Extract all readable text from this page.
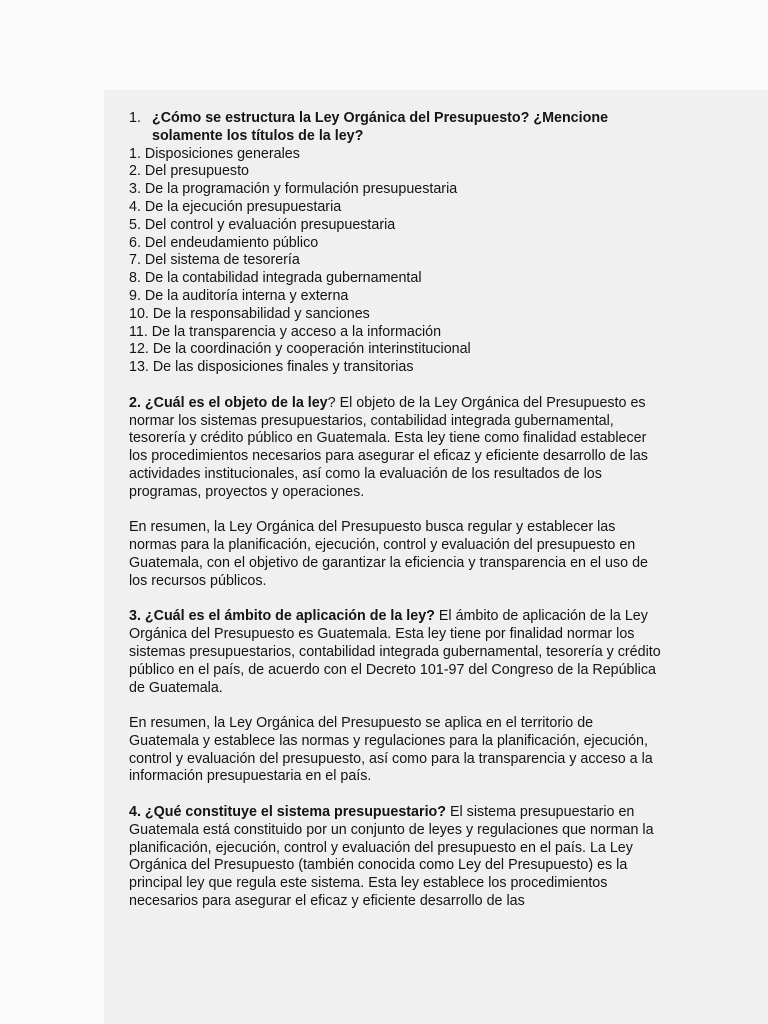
1. ¿Cómo se estructura la Ley Orgánica del Presupuesto? ¿Mencione solamente los títulos de la ley?
1. Disposiciones generales
2. Del presupuesto
3. De la programación y formulación presupuestaria
4. De la ejecución presupuestaria
5. Del control y evaluación presupuestaria
6. Del endeudamiento público
7. Del sistema de tesorería
8. De la contabilidad integrada gubernamental
9. De la auditoría interna y externa
10. De la responsabilidad y sanciones
11. De la transparencia y acceso a la información
12. De la coordinación y cooperación interinstitucional
13. De las disposiciones finales y transitorias

2. ¿Cuál es el objeto de la ley? El objeto de la Ley Orgánica del Presupuesto es normar los sistemas presupuestarios, contabilidad integrada gubernamental, tesorería y crédito público en Guatemala. Esta ley tiene como finalidad establecer los procedimientos necesarios para asegurar el eficaz y eficiente desarrollo de las actividades institucionales, así como la evaluación de los resultados de los programas, proyectos y operaciones.

En resumen, la Ley Orgánica del Presupuesto busca regular y establecer las normas para la planificación, ejecución, control y evaluación del presupuesto en Guatemala, con el objetivo de garantizar la eficiencia y transparencia en el uso de los recursos públicos.

3. ¿Cuál es el ámbito de aplicación de la ley? El ámbito de aplicación de la Ley Orgánica del Presupuesto es Guatemala. Esta ley tiene por finalidad normar los sistemas presupuestarios, contabilidad integrada gubernamental, tesorería y crédito público en el país, de acuerdo con el Decreto 101-97 del Congreso de la República de Guatemala.

En resumen, la Ley Orgánica del Presupuesto se aplica en el territorio de Guatemala y establece las normas y regulaciones para la planificación, ejecución, control y evaluación del presupuesto, así como para la transparencia y acceso a la información presupuestaria en el país.

4. ¿Qué constituye el sistema presupuestario? El sistema presupuestario en Guatemala está constituido por un conjunto de leyes y regulaciones que norman la planificación, ejecución, control y evaluación del presupuesto en el país. La Ley Orgánica del Presupuesto (también conocida como Ley del Presupuesto) es la principal ley que regula este sistema. Esta ley establece los procedimientos necesarios para asegurar el eficaz y eficiente desarrollo de las
